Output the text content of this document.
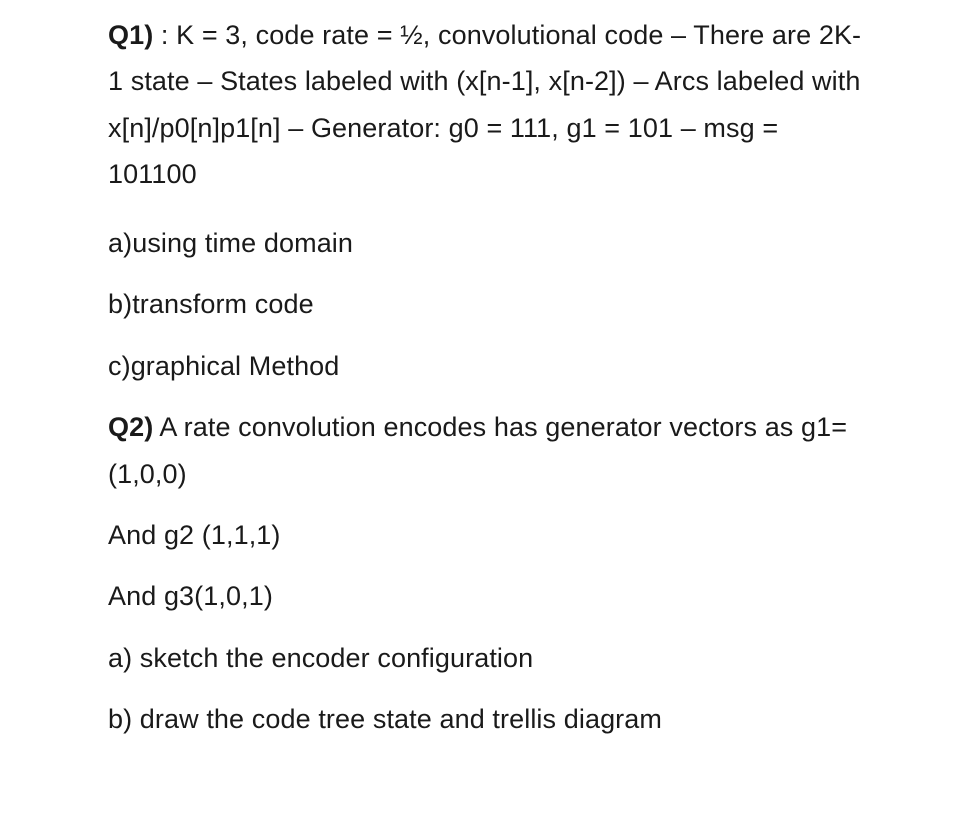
Q1) : K = 3, code rate = ½, convolutional code – There are 2K-1 state – States labeled with (x[n-1], x[n-2]) – Arcs labeled with x[n]/p0[n]p1[n] – Generator: g0 = 111, g1 = 101 – msg = 101100

a)using time domain

b)transform code

c)graphical Method

Q2) A rate convolution encodes has generator vectors as g1=(1,0,0)

And g2 (1,1,1)

And g3(1,0,1)

a) sketch the encoder configuration

b) draw the code tree state and trellis diagram
